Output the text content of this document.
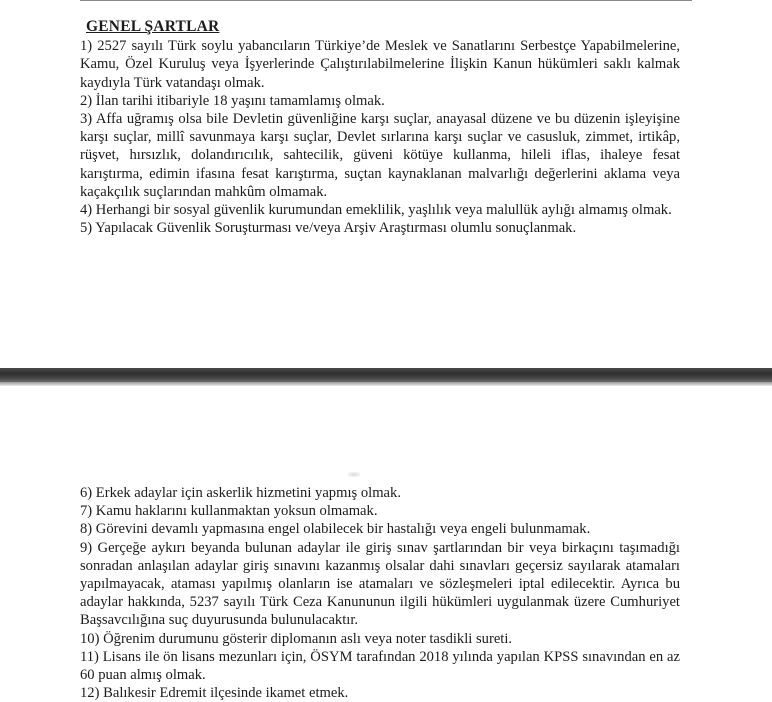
GENEL ŞARTLAR

1) 2527 sayılı Türk soylu yabancıların Türkiye’de Meslek ve Sanatlarını Serbestçe Yapabilmelerine, Kamu, Özel Kuruluş veya İşyerlerinde Çalıştırılabilmelerine İlişkin Kanun hükümleri saklı kalmak kaydıyla Türk vatandaşı olmak.

2) İlan tarihi itibariyle 18 yaşını tamamlamış olmak.

3) Affa uğramış olsa bile Devletin güvenliğine karşı suçlar, anayasal düzene ve bu düzenin işleyişine karşı suçlar, millî savunmaya karşı suçlar, Devlet sırlarına karşı suçlar ve casusluk, zimmet, irtikâp, rüşvet, hırsızlık, dolandırıcılık, sahtecilik, güveni kötüye kullanma, hileli iflas, ihaleye fesat karıştırma, edimin ifasına fesat karıştırma, suçtan kaynaklanan malvarlığı değerlerini aklama veya kaçakçılık suçlarından mahkûm olmamak.

4) Herhangi bir sosyal güvenlik kurumundan emeklilik, yaşlılık veya malullük aylığı almamış olmak.

5) Yapılacak Güvenlik Soruşturması ve/veya Arşiv Araştırması olumlu sonuçlanmak.

6) Erkek adaylar için askerlik hizmetini yapmış olmak.

7) Kamu haklarını kullanmaktan yoksun olmamak.

8) Görevini devamlı yapmasına engel olabilecek bir hastalığı veya engeli bulunmamak.

9) Gerçeğe aykırı beyanda bulunan adaylar ile giriş sınav şartlarından bir veya birkaçını taşımadığı sonradan anlaşılan adaylar giriş sınavını kazanmış olsalar dahi sınavları geçersiz sayılarak atamaları yapılmayacak, ataması yapılmış olanların ise atamaları ve sözleşmeleri iptal edilecektir. Ayrıca bu adaylar hakkında, 5237 sayılı Türk Ceza Kanununun ilgili hükümleri uygulanmak üzere Cumhuriyet Başsavcılığına suç duyurusunda bulunulacaktır.

10) Öğrenim durumunu gösterir diplomanın aslı veya noter tasdikli sureti.

11) Lisans ile ön lisans mezunları için, ÖSYM tarafından 2018 yılında yapılan KPSS sınavından en az 60 puan almış olmak.

12) Balıkesir Edremit ilçesinde ikamet etmek.
